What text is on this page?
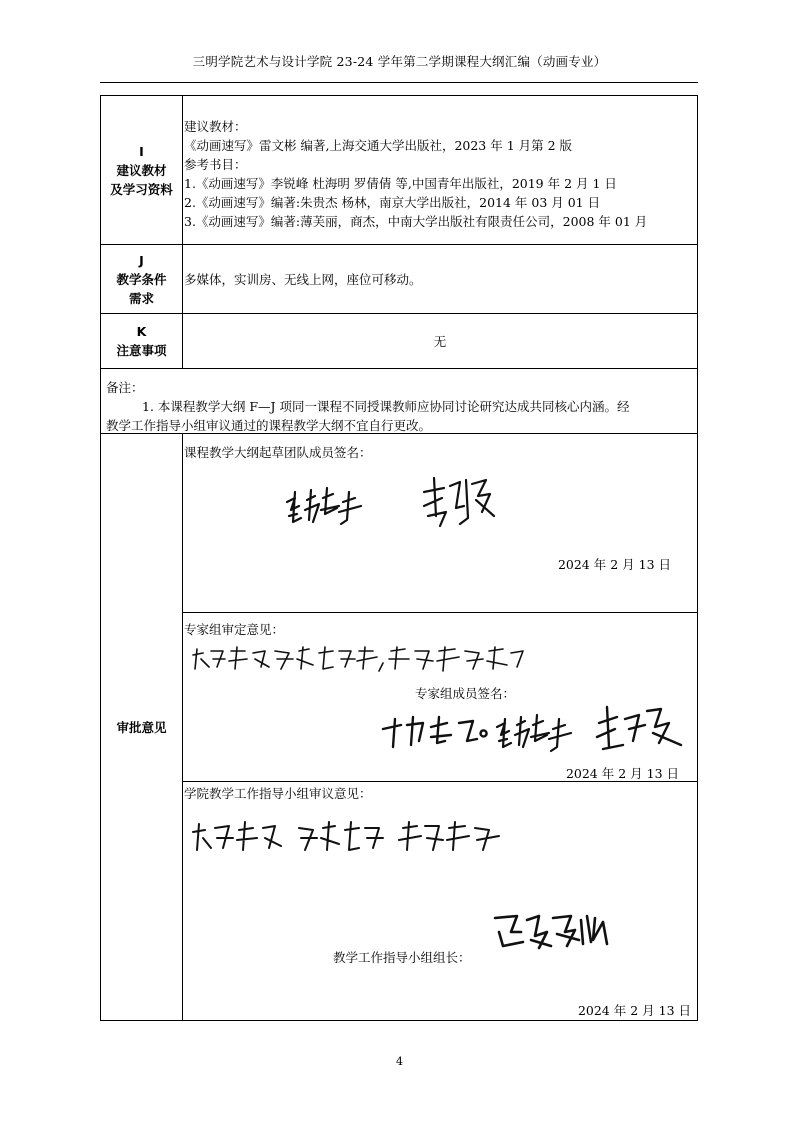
三明学院艺术与设计学院 23-24 学年第二学期课程大纲汇编（动画专业）
I
建议教材
及学习资料
建议教材：
《动画速写》雷文彬 编著,上海交通大学出版社，2023 年 1 月第 2 版
参考书目：
1.《动画速写》李锐峰 杜海明 罗倩倩 等,中国青年出版社，2019 年 2 月 1 日
2.《动画速写》编著:朱贵杰 杨林，南京大学出版社，2014 年 03 月 01 日
3.《动画速写》编著:薄芙丽，商杰，中南大学出版社有限责任公司，2008 年 01 月
J
教学条件
需求
多媒体，实训房、无线上网，座位可移动。
K
注意事项
无
备注：
1. 本课程教学大纲 F—J 项同一课程不同授课教师应协同讨论研究达成共同核心内涵。经
教学工作指导小组审议通过的课程教学大纲不宜自行更改。
审批意见
课程教学大纲起草团队成员签名：
2024 年 2 月 13 日
专家组审定意见：
专家组成员签名：
2024 年 2 月 13 日
学院教学工作指导小组审议意见：
教学工作指导小组组长：
2024 年 2 月 13 日
4
